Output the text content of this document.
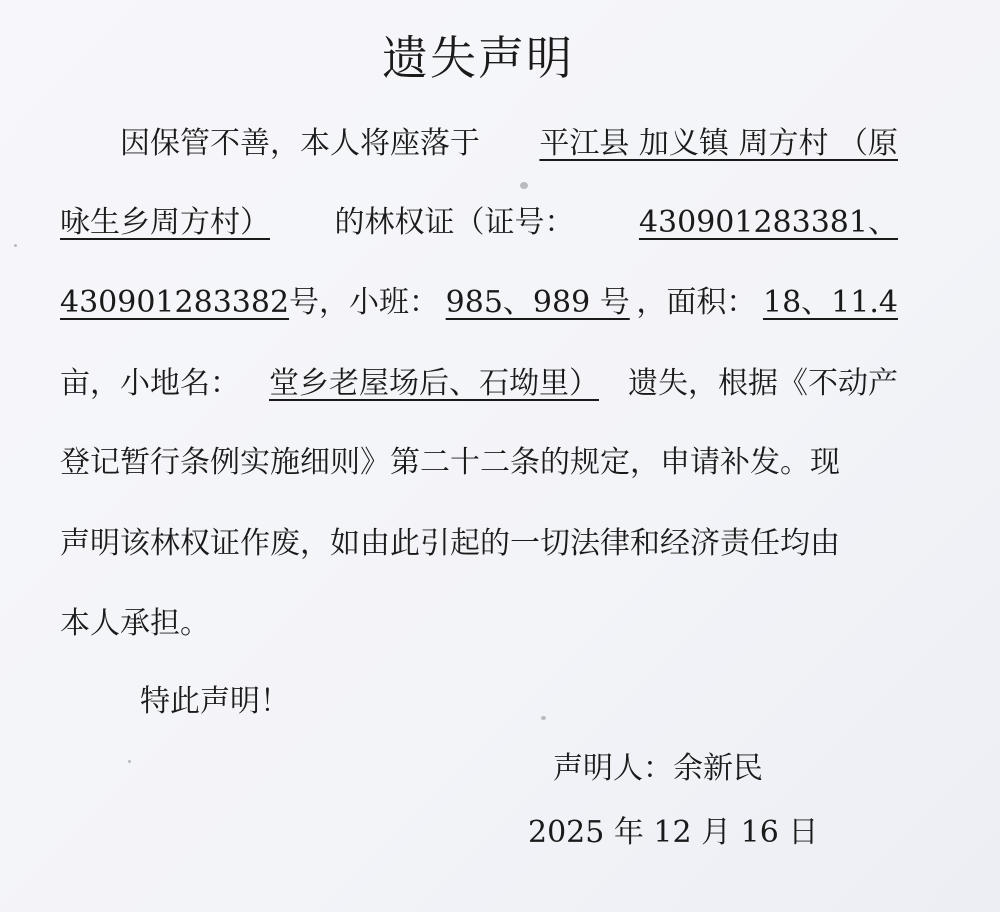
遗失声明
因保管不善，本人将座落于 平江县 加义镇 周方村 （原
咏生乡周方村） 的林权证（证号： 430901283381、
430901283382号，小班： 985、989 号 ，面积： 18、11.4
亩，小地名： 堂乡老屋场后、石坳里） 遗失，根据《不动产
登记暂行条例实施细则》第二十二条的规定，申请补发。现
声明该林权证作废，如由此引起的一切法律和经济责任均由
本人承担。
特此声明！
声明人：余新民
2025 年 12 月 16 日
